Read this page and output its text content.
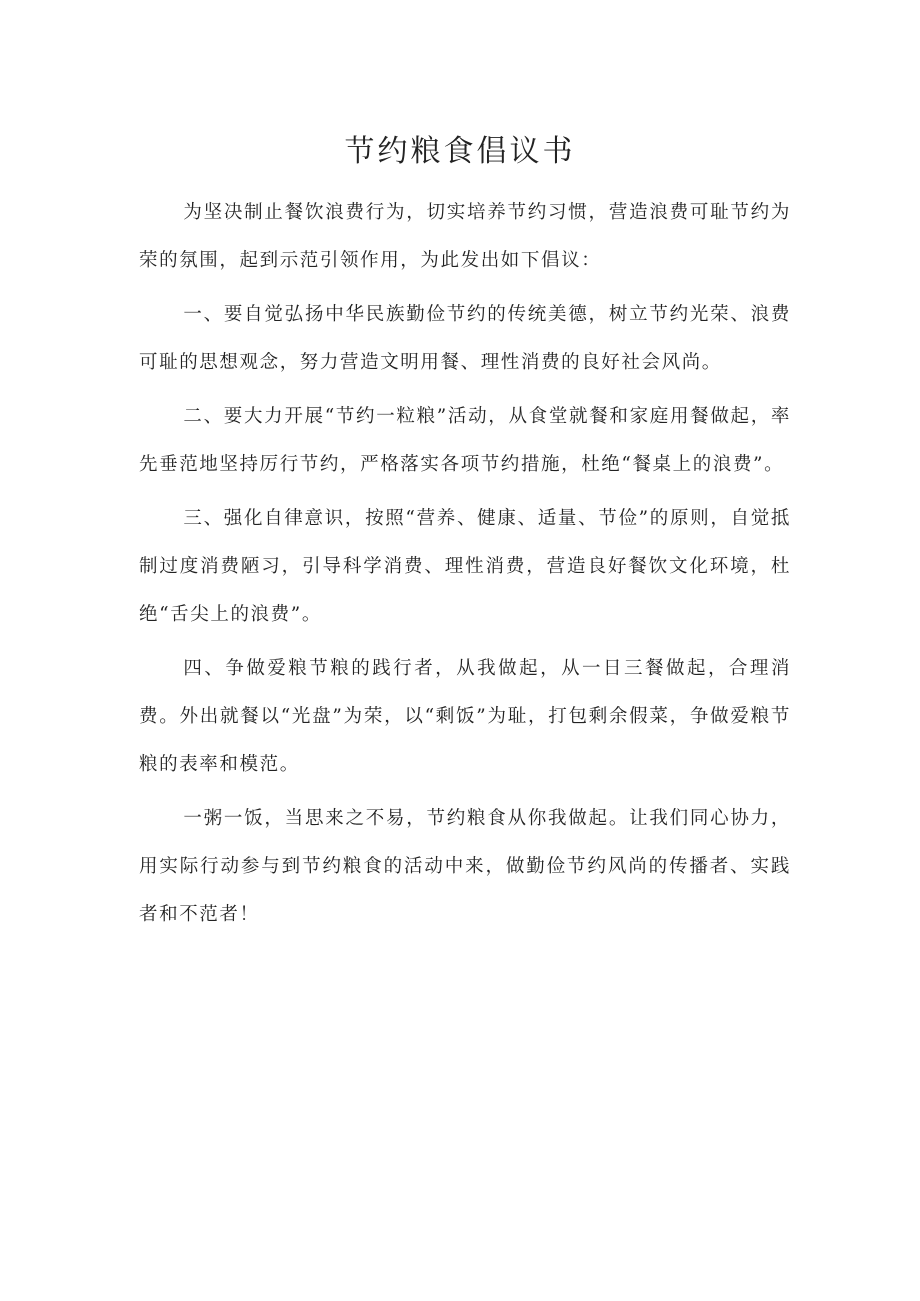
节约粮食倡议书

为坚决制止餐饮浪费行为，切实培养节约习惯，营造浪费可耻节约为荣的氛围，起到示范引领作用，为此发出如下倡议：

一、要自觉弘扬中华民族勤俭节约的传统美德，树立节约光荣、浪费可耻的思想观念，努力营造文明用餐、理性消费的良好社会风尚。

二、要大力开展“节约一粒粮”活动，从食堂就餐和家庭用餐做起，率先垂范地坚持厉行节约，严格落实各项节约措施，杜绝“餐桌上的浪费”。

三、强化自律意识，按照“营养、健康、适量、节俭”的原则，自觉抵制过度消费陋习，引导科学消费、理性消费，营造良好餐饮文化环境，杜绝“舌尖上的浪费”。

四、争做爱粮节粮的践行者，从我做起，从一日三餐做起，合理消费。外出就餐以“光盘”为荣，以“剩饭”为耻，打包剩余假菜，争做爱粮节粮的表率和模范。

一粥一饭，当思来之不易，节约粮食从你我做起。让我们同心协力，用实际行动参与到节约粮食的活动中来，做勤俭节约风尚的传播者、实践者和不范者！
